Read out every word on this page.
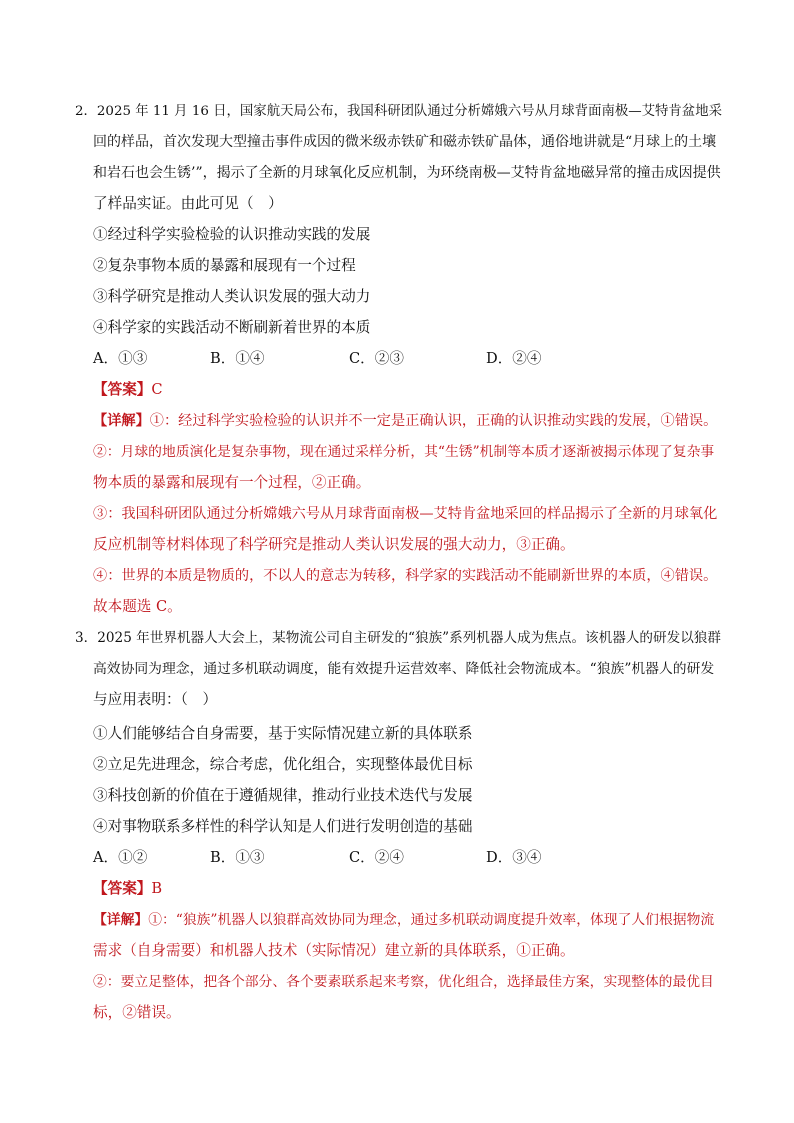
2．2025 年 11 月 16 日，国家航天局公布，我国科研团队通过分析嫦娥六号从月球背面南极—艾特肯盆地采
回的样品，首次发现大型撞击事件成因的微米级赤铁矿和磁赤铁矿晶体，通俗地讲就是“月球上的土壤
和岩石也会生锈’”，揭示了全新的月球氧化反应机制，为环绕南极—艾特肯盆地磁异常的撞击成因提供
了样品实证。由此可见（　）
①经过科学实验检验的认识推动实践的发展
②复杂事物本质的暴露和展现有一个过程
③科学研究是推动人类认识发展的强大动力
④科学家的实践活动不断刷新着世界的本质
A．①③	B．①④	C．②③	D．②④
【答案】C
【详解】①：经过科学实验检验的认识并不一定是正确认识，正确的认识推动实践的发展，①错误。
②：月球的地质演化是复杂事物，现在通过采样分析，其“生锈”机制等本质才逐渐被揭示体现了复杂事
物本质的暴露和展现有一个过程，②正确。
③：我国科研团队通过分析嫦娥六号从月球背面南极—艾特肯盆地采回的样品揭示了全新的月球氧化
反应机制等材料体现了科学研究是推动人类认识发展的强大动力，③正确。
④：世界的本质是物质的，不以人的意志为转移，科学家的实践活动不能刷新世界的本质，④错误。
故本题选 C。
3．2025 年世界机器人大会上，某物流公司自主研发的“狼族”系列机器人成为焦点。该机器人的研发以狼群
高效协同为理念，通过多机联动调度，能有效提升运营效率、降低社会物流成本。“狼族”机器人的研发
与应用表明：（　）
①人们能够结合自身需要，基于实际情况建立新的具体联系
②立足先进理念，综合考虑，优化组合，实现整体最优目标
③科技创新的价值在于遵循规律，推动行业技术迭代与发展
④对事物联系多样性的科学认知是人们进行发明创造的基础
A．①②	B．①③	C．②④	D．③④
【答案】B
【详解】①：“狼族”机器人以狼群高效协同为理念，通过多机联动调度提升效率，体现了人们根据物流
需求（自身需要）和机器人技术（实际情况）建立新的具体联系，①正确。
②：要立足整体，把各个部分、各个要素联系起来考察，优化组合，选择最佳方案，实现整体的最优目
标，②错误。
